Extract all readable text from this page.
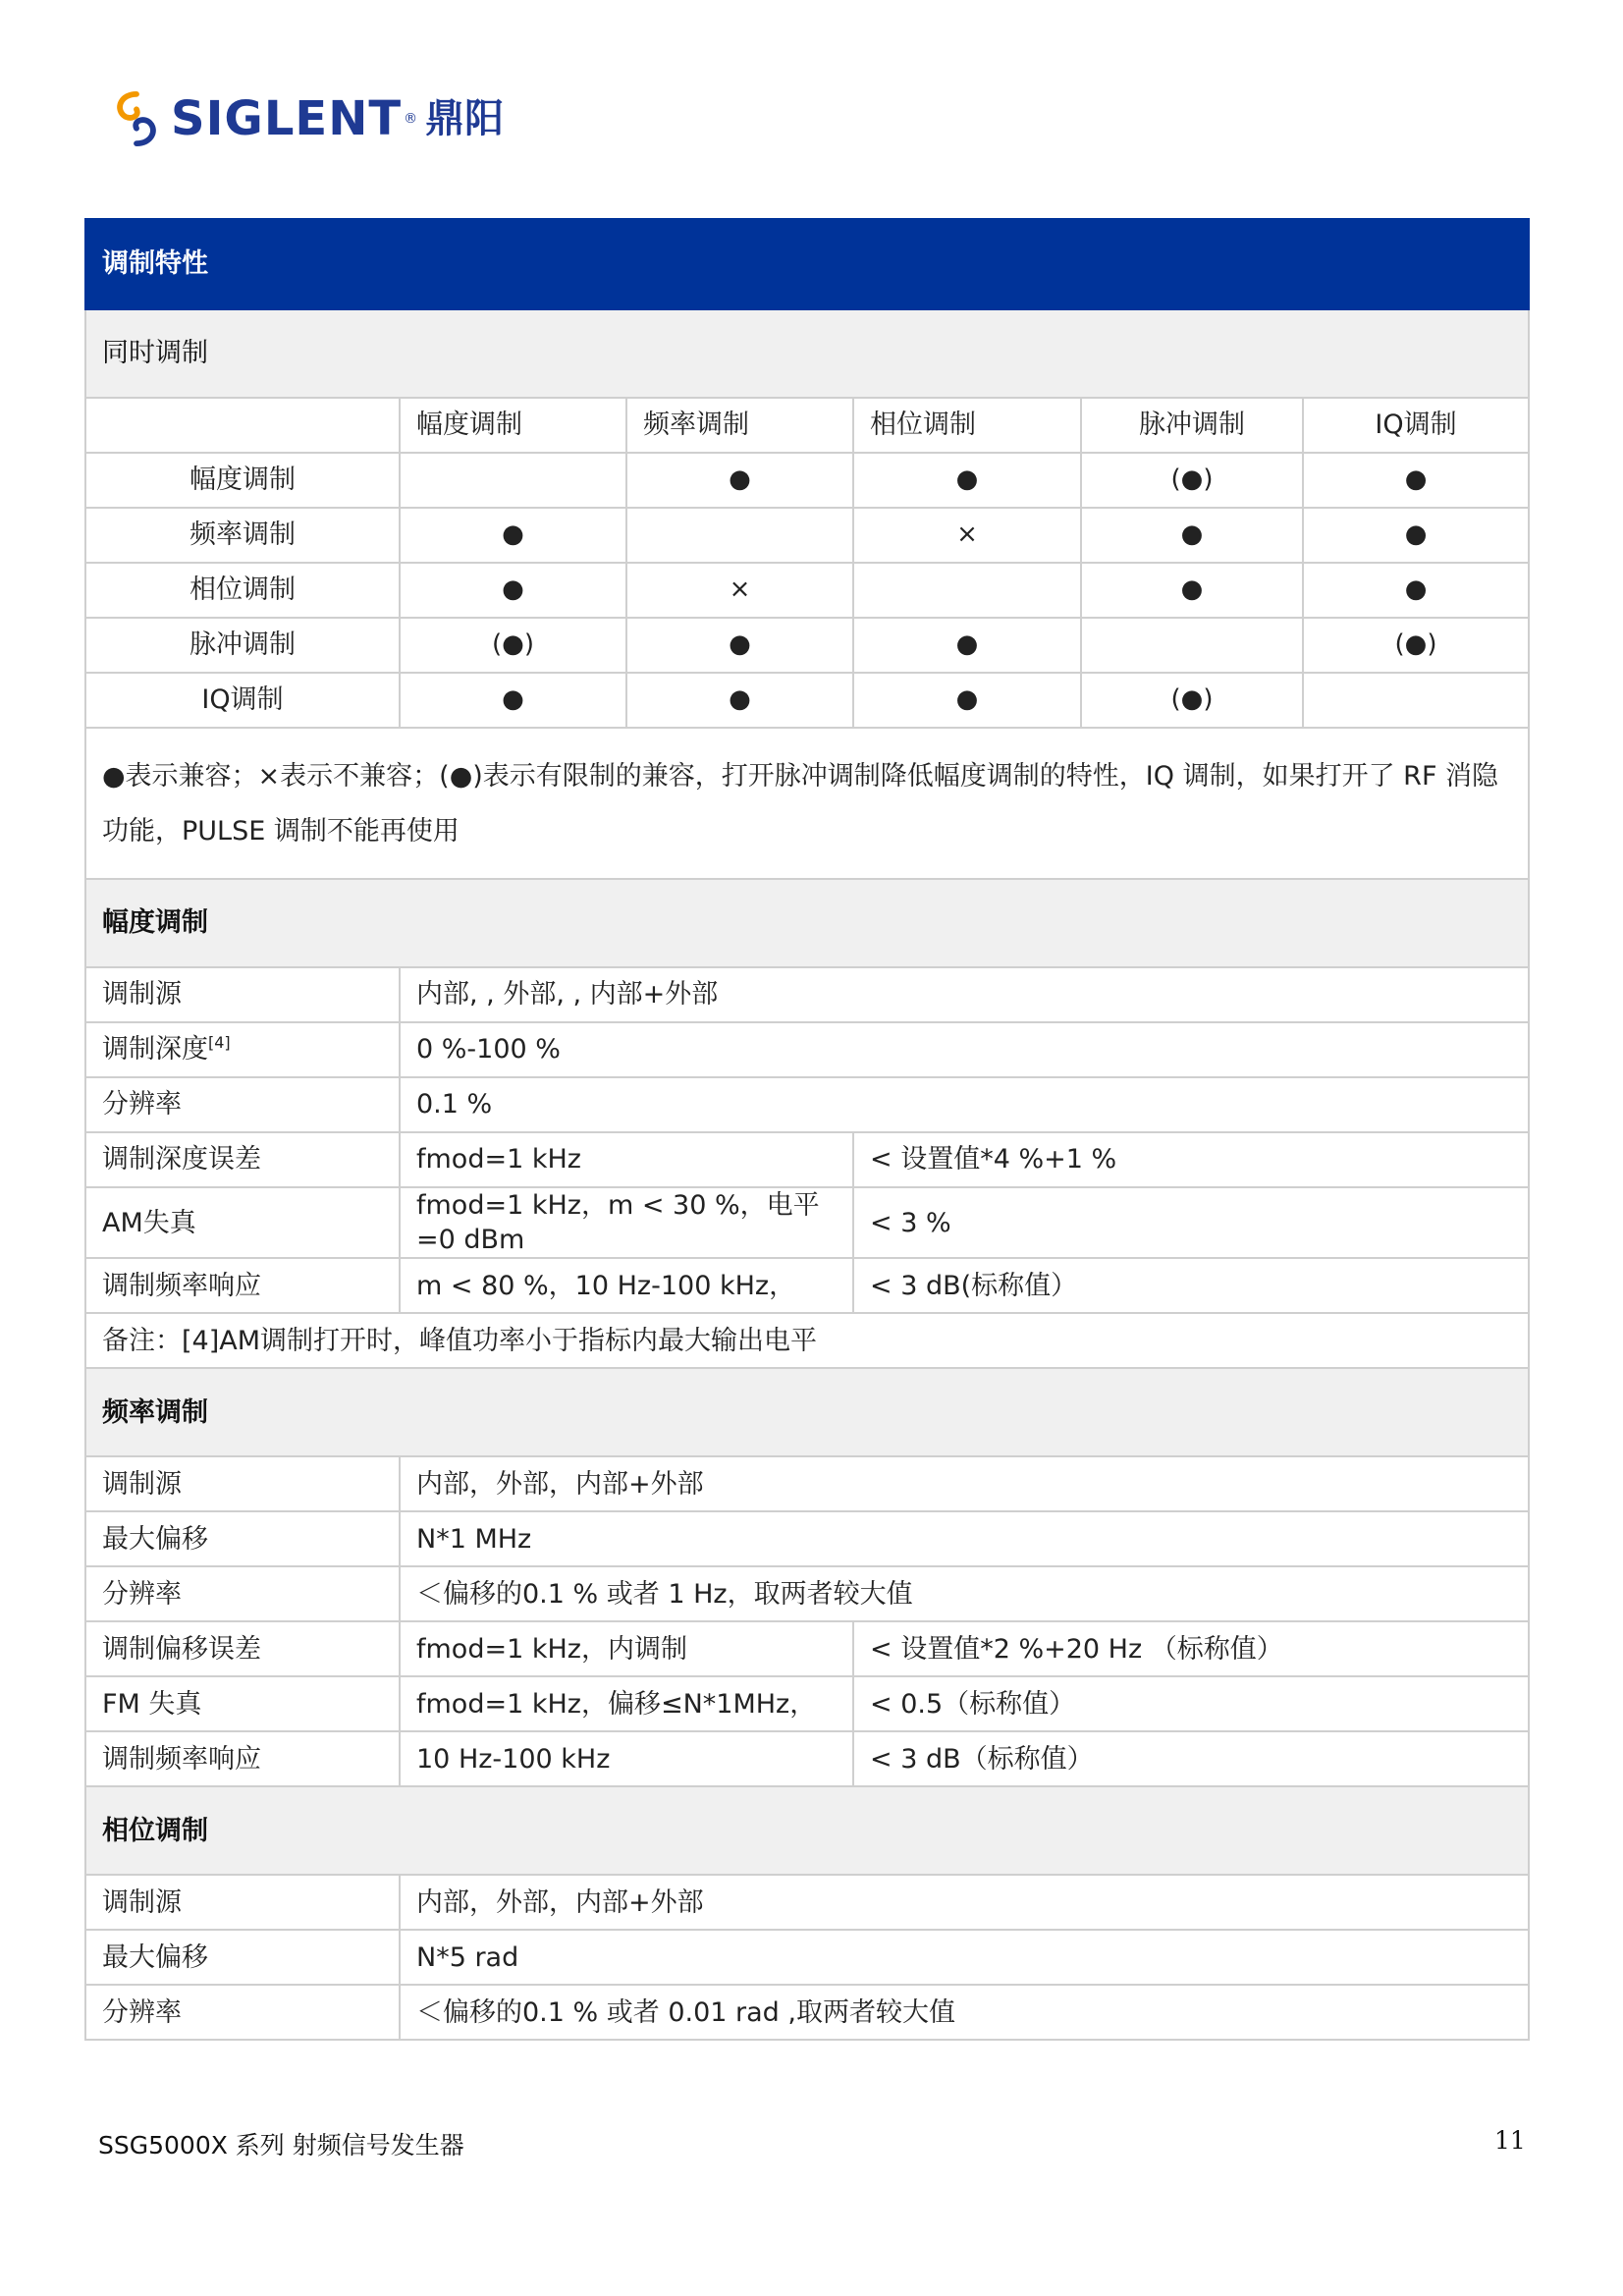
SIGLENT ® 鼎阳
调制特性					
同时调制					
	幅度调制	频率调制	相位调制	脉冲调制	IQ调制
幅度调制		●	●	(●)	●
频率调制	●		×	●	●
相位调制	●	×		●	●
脉冲调制	(●)	●	●		(●)
IQ调制	●	●	●	(●)	
●表示兼容；×表示不兼容；(●)表示有限制的兼容，打开脉冲调制降低幅度调制的特性，IQ 调制，如果打开了 RF 消隐功能，PULSE 调制不能再使用					
幅度调制					
调制源	内部, , 外部, , 内部+外部				
调制深度[4]	0 %-100 %				
分辨率	0.1 %				
调制深度误差	fmod=1 kHz		< 设置值*4 %+1 %		
AM失真	fmod=1 kHz，m < 30 %，电平=0 dBm		< 3 %		
调制频率响应	m < 80 %，10 Hz-100 kHz，		< 3 dB(标称值）		
备注：[4]AM调制打开时，峰值功率小于指标内最大输出电平					
频率调制					
调制源	内部，外部，内部+外部				
最大偏移	N*1 MHz				
分辨率	＜偏移的0.1 % 或者 1 Hz，取两者较大值				
调制偏移误差	fmod=1 kHz，内调制		< 设置值*2 %+20 Hz （标称值）		
FM 失真	fmod=1 kHz，偏移≤N*1MHz，		< 0.5（标称值）		
调制频率响应	10 Hz-100 kHz		< 3 dB（标称值）		
相位调制					
调制源	内部，外部，内部+外部				
最大偏移	N*5 rad				
分辨率	＜偏移的0.1 % 或者 0.01 rad ,取两者较大值				
SSG5000X 系列 射频信号发生器	11
